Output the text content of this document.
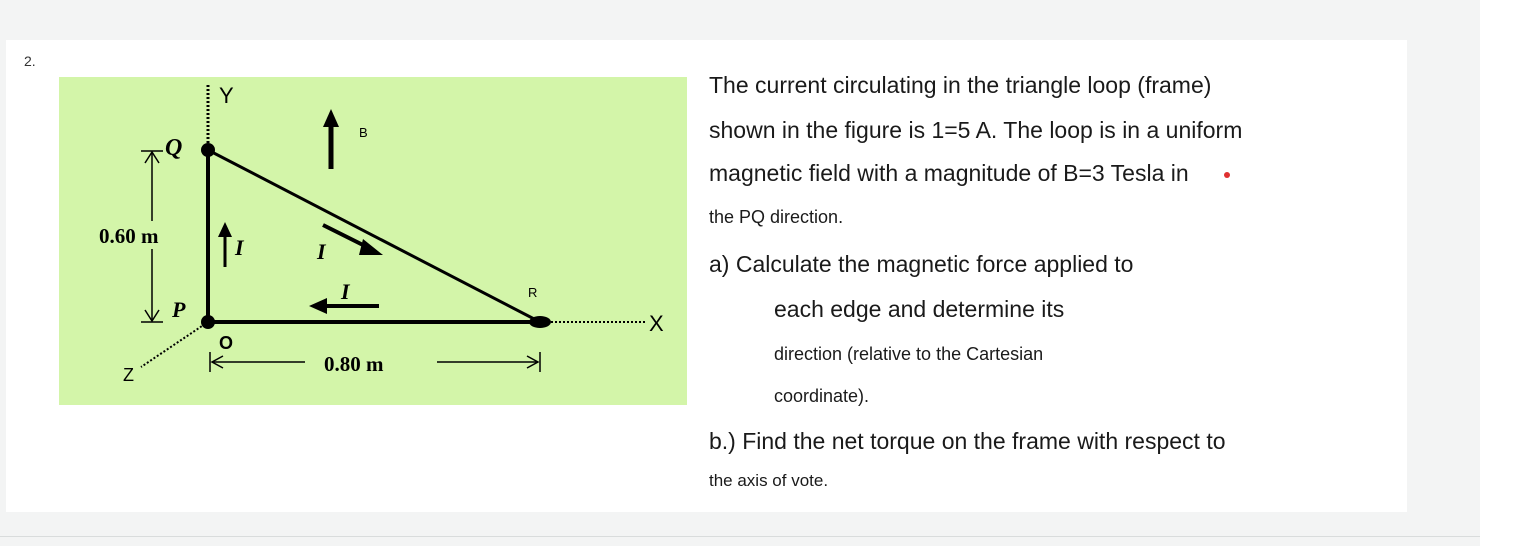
2.
Y
X
Z
O
Q
P
R
B
I	I
I
0.60 m
0.80 m
The current circulating in the triangle loop (frame)
shown in the figure is 1=5 A. The loop is in a uniform
magnetic field with a magnitude of B=3 Tesla in
the PQ direction.
a) Calculate the magnetic force applied to
each edge and determine its
direction (relative to the Cartesian
coordinate).
b.) Find the net torque on the frame with respect to
the axis of vote.
